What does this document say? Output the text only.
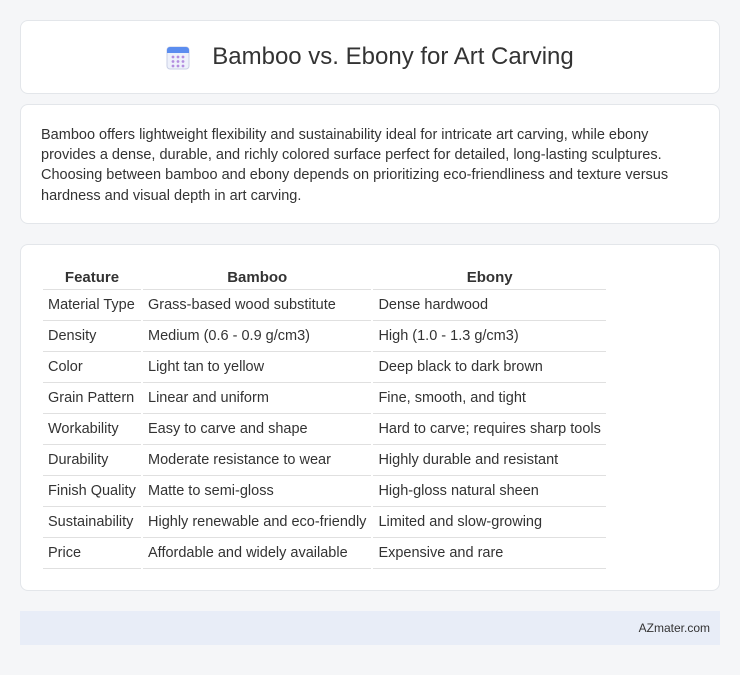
Bamboo vs. Ebony for Art Carving

Bamboo offers lightweight flexibility and sustainability ideal for intricate art carving, while ebony provides a dense, durable, and richly colored surface perfect for detailed, long-lasting sculptures. Choosing between bamboo and ebony depends on prioritizing eco-friendliness and texture versus hardness and visual depth in art carving.

Feature	Bamboo	Ebony
Material Type	Grass-based wood substitute	Dense hardwood
Density	Medium (0.6 - 0.9 g/cm3)	High (1.0 - 1.3 g/cm3)
Color	Light tan to yellow	Deep black to dark brown
Grain Pattern	Linear and uniform	Fine, smooth, and tight
Workability	Easy to carve and shape	Hard to carve; requires sharp tools
Durability	Moderate resistance to wear	Highly durable and resistant
Finish Quality	Matte to semi-gloss	High-gloss natural sheen
Sustainability	Highly renewable and eco-friendly	Limited and slow-growing
Price	Affordable and widely available	Expensive and rare
AZmater.com
